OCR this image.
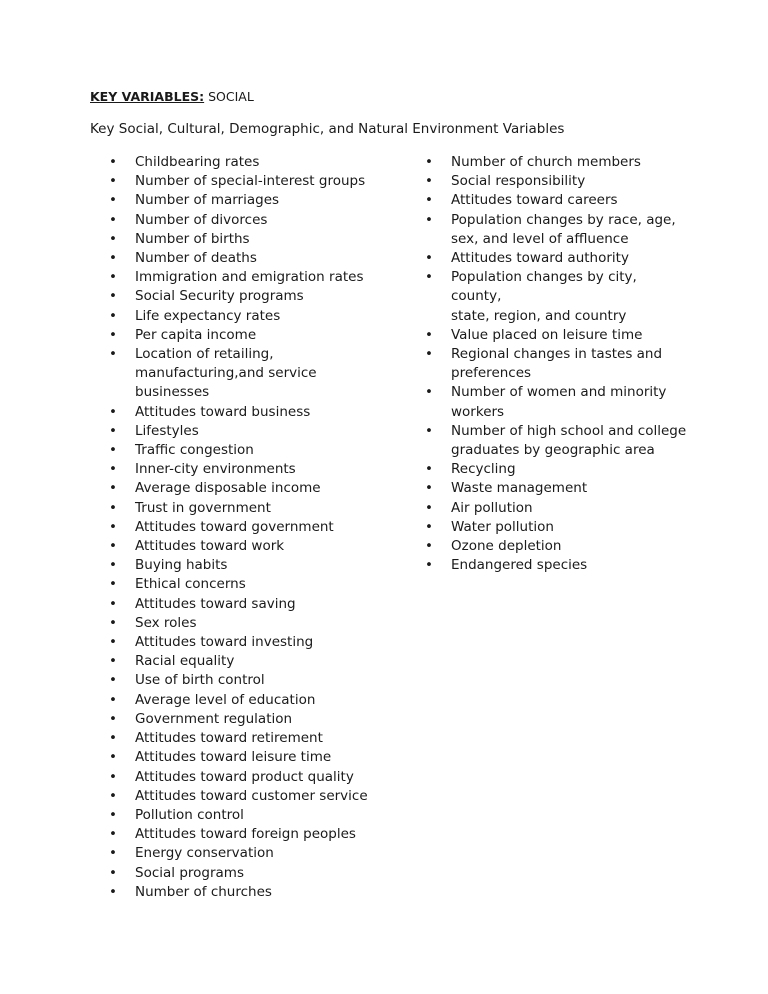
KEY VARIABLES: SOCIAL
Key Social, Cultural, Demographic, and Natural Environment Variables
• Childbearing rates
• Number of special-interest groups
• Number of marriages
• Number of divorces
• Number of births
• Number of deaths
• Immigration and emigration rates
• Social Security programs
• Life expectancy rates
• Per capita income
• Location of retailing,
manufacturing,and service
businesses
• Attitudes toward business
• Lifestyles
• Traffic congestion
• Inner-city environments
• Average disposable income
• Trust in government
• Attitudes toward government
• Attitudes toward work
• Buying habits
• Ethical concerns
• Attitudes toward saving
• Sex roles
• Attitudes toward investing
• Racial equality
• Use of birth control
• Average level of education
• Government regulation
• Attitudes toward retirement
• Attitudes toward leisure time
• Attitudes toward product quality
• Attitudes toward customer service
• Pollution control
• Attitudes toward foreign peoples
• Energy conservation
• Social programs
• Number of churches
• Number of church members
• Social responsibility
• Attitudes toward careers
• Population changes by race, age,
sex, and level of affluence
• Attitudes toward authority
• Population changes by city, county,
state, region, and country
• Value placed on leisure time
• Regional changes in tastes and
preferences
• Number of women and minority
workers
• Number of high school and college
graduates by geographic area
• Recycling
• Waste management
• Air pollution
• Water pollution
• Ozone depletion
• Endangered species
